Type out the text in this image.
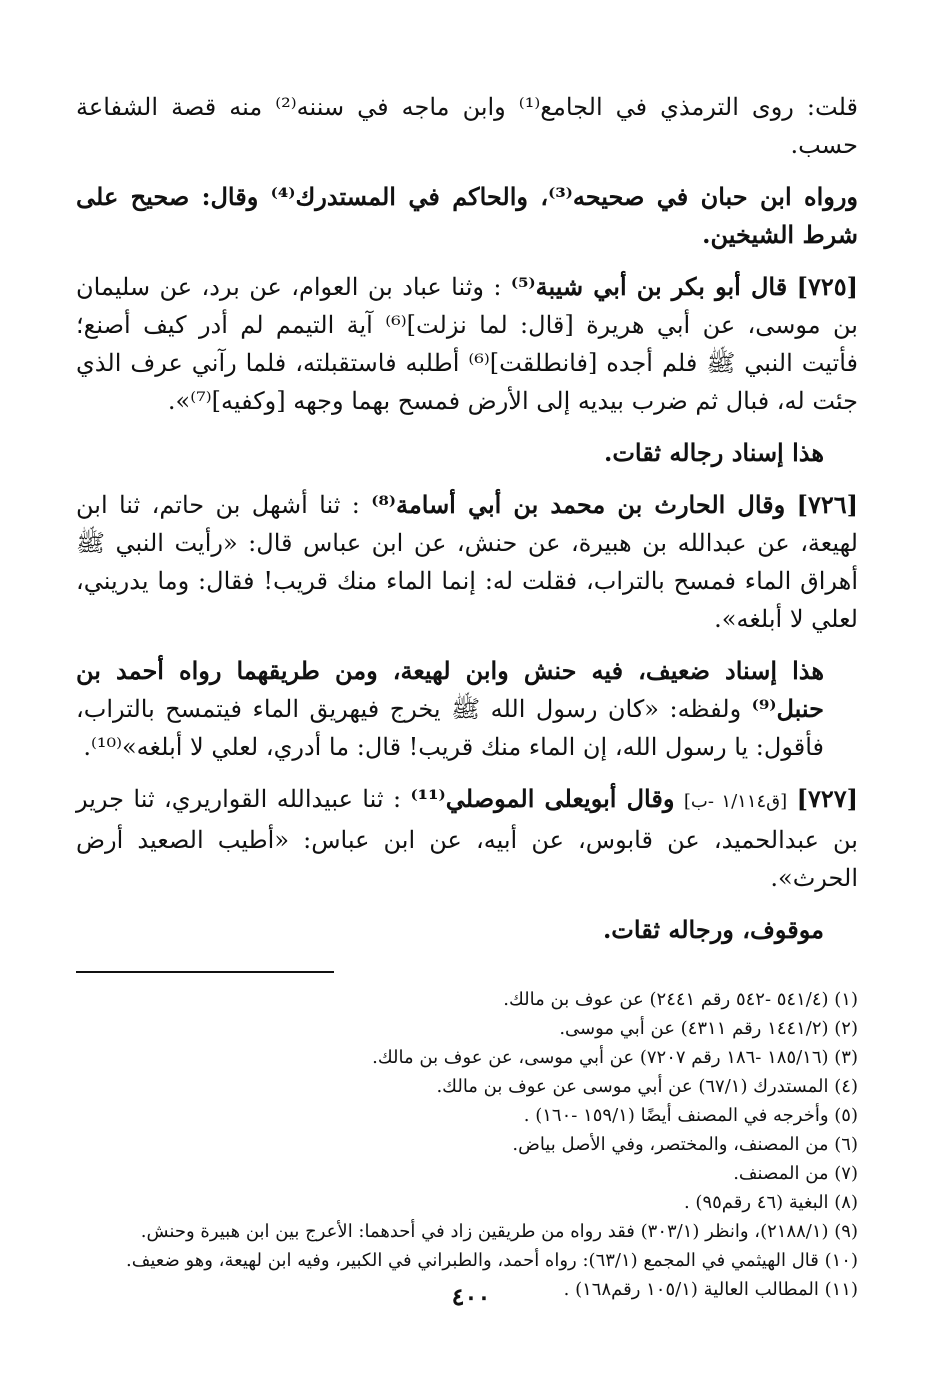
قلت: روى الترمذي في الجامع⁽¹⁾ وابن ماجه في سننه⁽²⁾ منه قصة الشفاعة حسب.

ورواه ابن حبان في صحيحه⁽³⁾، والحاكم في المستدرك⁽⁴⁾ وقال: صحيح على شرط الشيخين.

[٧٢٥] قال أبو بكر بن أبي شيبة⁽⁵⁾ : وثنا عباد بن العوام، عن برد، عن سليمان بن موسى، عن أبي هريرة [قال: لما نزلت]⁽⁶⁾ آية التيمم لم أدر كيف أصنع؛ فأتيت النبي ﷺ فلم أجده [فانطلقت]⁽⁶⁾ أطلبه فاستقبلته، فلما رآني عرف الذي جئت له، فبال ثم ضرب بيديه إلى الأرض فمسح بهما وجهه [وكفيه]⁽⁷⁾».

هذا إسناد رجاله ثقات.

[٧٢٦] وقال الحارث بن محمد بن أبي أسامة⁽⁸⁾ : ثنا أشهل بن حاتم، ثنا ابن لهيعة، عن عبدالله بن هبيرة، عن حنش، عن ابن عباس قال: «رأيت النبي ﷺ أهراق الماء فمسح بالتراب، فقلت له: إنما الماء منك قريب! فقال: وما يدريني، لعلي لا أبلغه».

هذا إسناد ضعيف، فيه حنش وابن لهيعة، ومن طريقهما رواه أحمد بن حنبل⁽⁹⁾ ولفظه: «كان رسول الله ﷺ يخرج فيهريق الماء فيتمسح بالتراب، فأقول: يا رسول الله، إن الماء منك قريب! قال: ما أدري، لعلي لا أبلغه»⁽¹⁰⁾.

[٧٢٧] [ق١/١١٤ -ب] وقال أبويعلى الموصلي⁽¹¹⁾ : ثنا عبيدالله القواريري، ثنا جرير بن عبدالحميد، عن قابوس، عن أبيه، عن ابن عباس: «أطيب الصعيد أرض الحرث».

موقوف، ورجاله ثقات.

(١) (٥٤١/٤ -٥٤٢ رقم ٢٤٤١) عن عوف بن مالك.
(٢) (١٤٤١/٢ رقم ٤٣١١) عن أبي موسى.
(٣) (١٨٥/١٦ -١٨٦ رقم ٧٢٠٧) عن أبي موسى، عن عوف بن مالك.
(٤) المستدرك (٦٧/١) عن أبي موسى عن عوف بن مالك.
(٥) وأخرجه في المصنف أيضًا (١٥٩/١ -١٦٠) .
(٦) من المصنف، والمختصر، وفي الأصل بياض.
(٧) من المصنف.
(٨) البغية (٤٦ رقم٩٥) .
(٩) (٢١٨٨/١)، وانظر (٣٠٣/١) فقد رواه من طريقين زاد في أحدهما: الأعرج بين ابن هبيرة وحنش.
(١٠) قال الهيثمي في المجمع (٦٣/١): رواه أحمد، والطبراني في الكبير، وفيه ابن لهيعة، وهو ضعيف.
(١١) المطالب العالية (١٠٥/١ رقم١٦٨) .
٤٠٠
